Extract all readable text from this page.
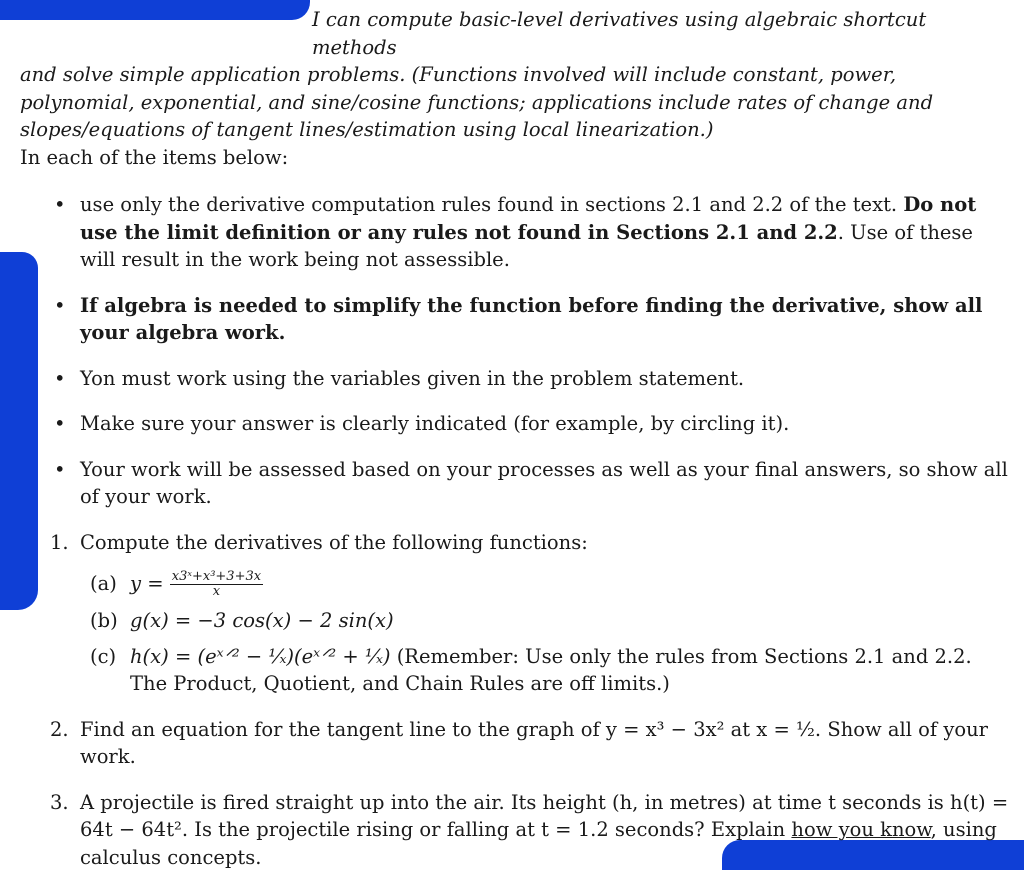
I can compute basic-level derivatives using algebraic shortcut methods
and solve simple application problems. (Functions involved will include constant, power, polynomial, exponential, and sine/cosine functions; applications include rates of change and slopes/equations of tangent lines/estimation using local linearization.)

In each of the items below:

• use only the derivative computation rules found in sections 2.1 and 2.2 of the text. Do not use the limit definition or any rules not found in Sections 2.1 and 2.2. Use of these will result in the work being not assessible.
• If algebra is needed to simplify the function before finding the derivative, show all your algebra work.
• Yon must work using the variables given in the problem statement.
• Make sure your answer is clearly indicated (for example, by circling it).
• Your work will be assessed based on your processes as well as your final answers, so show all of your work.
1. Compute the derivatives of the following functions:
(a) $y = \frac{\text{x3ˣ+x³+3+3x}}{x}$
(b) g(x) = −3 cos(x) − 2 sin(x)
(c) h(x) = (eˣᐟ² − ¹⁄ₓ)(eˣᐟ² + ¹⁄ₓ) (Remember: Use only the rules from Sections 2.1 and 2.2. The Product, Quotient, and Chain Rules are off limits.)
2. Find an equation for the tangent line to the graph of y = x³ − 3x² at x = ½. Show all of your work.
3. A projectile is fired straight up into the air. Its height (h, in metres) at time t seconds is h(t) = 64t − 64t². Is the projectile rising or falling at t = 1.2 seconds? Explain how you know, using calculus concepts.
